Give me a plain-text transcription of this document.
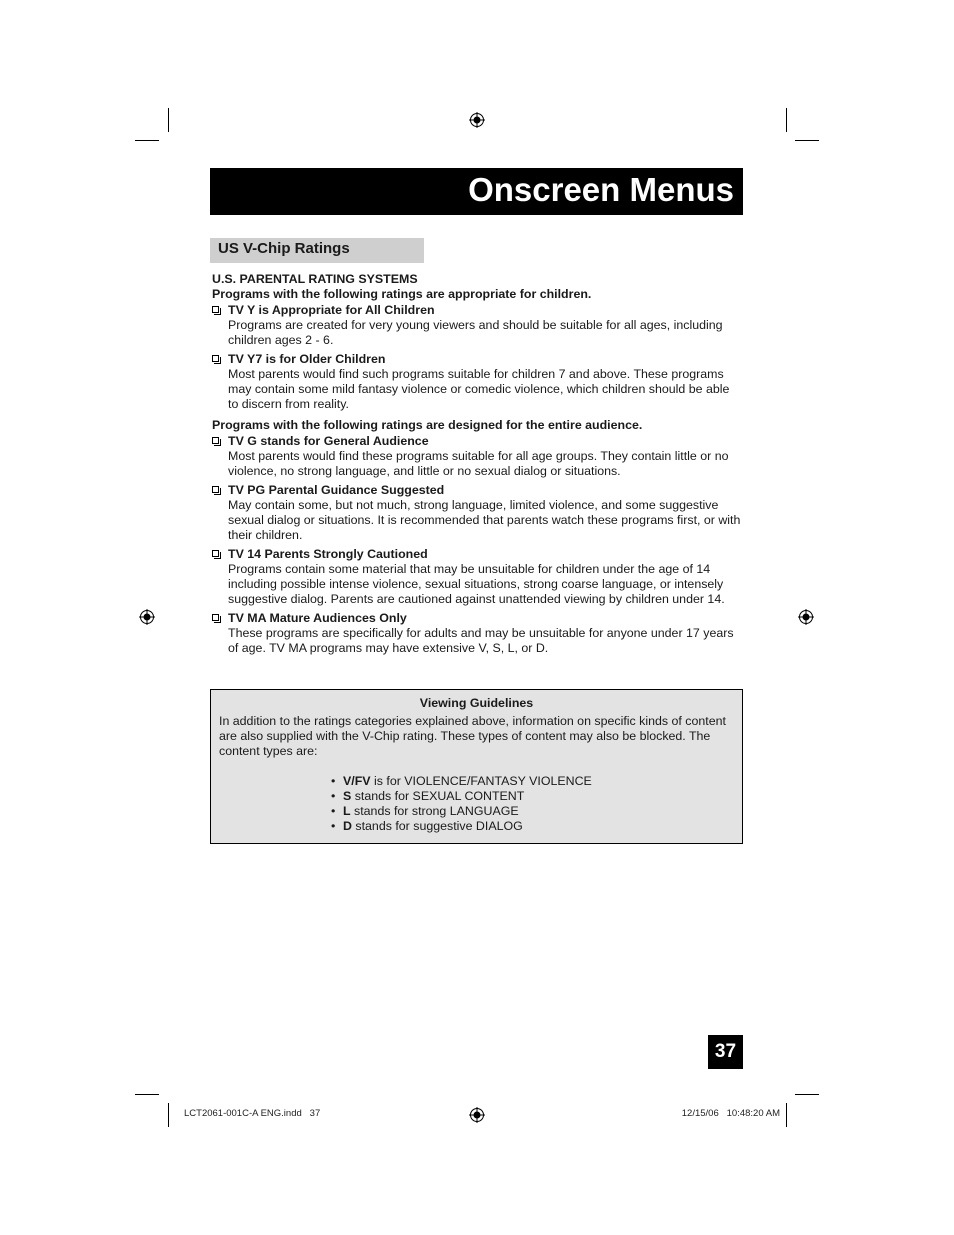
Onscreen Menus
US V-Chip Ratings

U.S. PARENTAL RATING SYSTEMS

Programs with the following ratings are appropriate for children.

TV Y is Appropriate for All Children

Programs are created for very young viewers and should be suitable for all ages, including children ages 2 - 6.

TV Y7 is for Older Children

Most parents would find such programs suitable for children 7 and above. These programs may contain some mild fantasy violence or comedic violence, which children should be able to discern from reality.

Programs with the following ratings are designed for the entire audience.

TV G stands for General Audience

Most parents would find these programs suitable for all age groups. They contain little or no violence, no strong language, and little or no sexual dialog or situations.

TV PG Parental Guidance Suggested

May contain some, but not much, strong language, limited violence, and some suggestive sexual dialog or situations. It is recommended that parents watch these programs first, or with their children.

TV 14 Parents Strongly Cautioned

Programs contain some material that may be unsuitable for children under the age of 14 including possible intense violence, sexual situations, strong coarse language, or intensely suggestive dialog. Parents are cautioned against unattended viewing by children under 14.

TV MA Mature Audiences Only

These programs are specifically for adults and may be unsuitable for anyone under 17 years of age. TV MA programs may have extensive V, S, L, or D.

Viewing Guidelines
In addition to the ratings categories explained above, information on specific kinds of content are also supplied with the V-Chip rating. These types of content may also be blocked. The content types are:
• V/FV is for VIOLENCE/FANTASY VIOLENCE
• S stands for SEXUAL CONTENT
• L stands for strong LANGUAGE
• D stands for suggestive DIALOG
37
LCT2061-001C-A ENG.indd   37	12/15/06   10:48:20 AM
